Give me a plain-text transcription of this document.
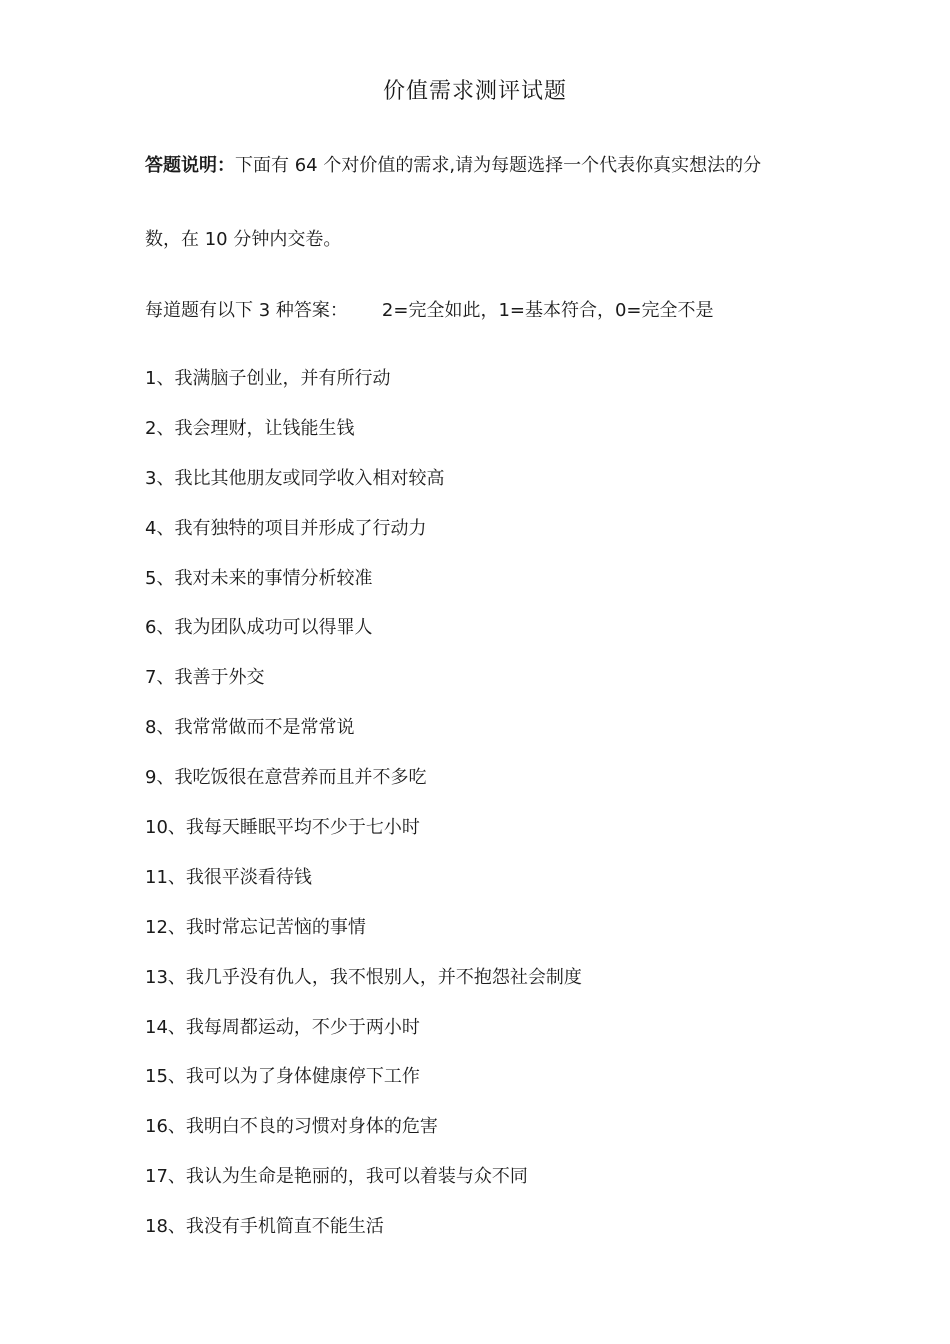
价值需求测评试题
答题说明：下面有 64 个对价值的需求,请为每题选择一个代表你真实想法的分
数，在 10 分钟内交卷。
每道题有以下 3 种答案： 2=完全如此，1=基本符合，0=完全不是
1、我满脑子创业，并有所行动
2、我会理财，让钱能生钱
3、我比其他朋友或同学收入相对较高
4、我有独特的项目并形成了行动力
5、我对未来的事情分析较准
6、我为团队成功可以得罪人
7、我善于外交
8、我常常做而不是常常说
9、我吃饭很在意营养而且并不多吃
10、我每天睡眠平均不少于七小时
11、我很平淡看待钱
12、我时常忘记苦恼的事情
13、我几乎没有仇人，我不恨别人，并不抱怨社会制度
14、我每周都运动，不少于两小时
15、我可以为了身体健康停下工作
16、我明白不良的习惯对身体的危害
17、我认为生命是艳丽的，我可以着装与众不同
18、我没有手机简直不能生活
